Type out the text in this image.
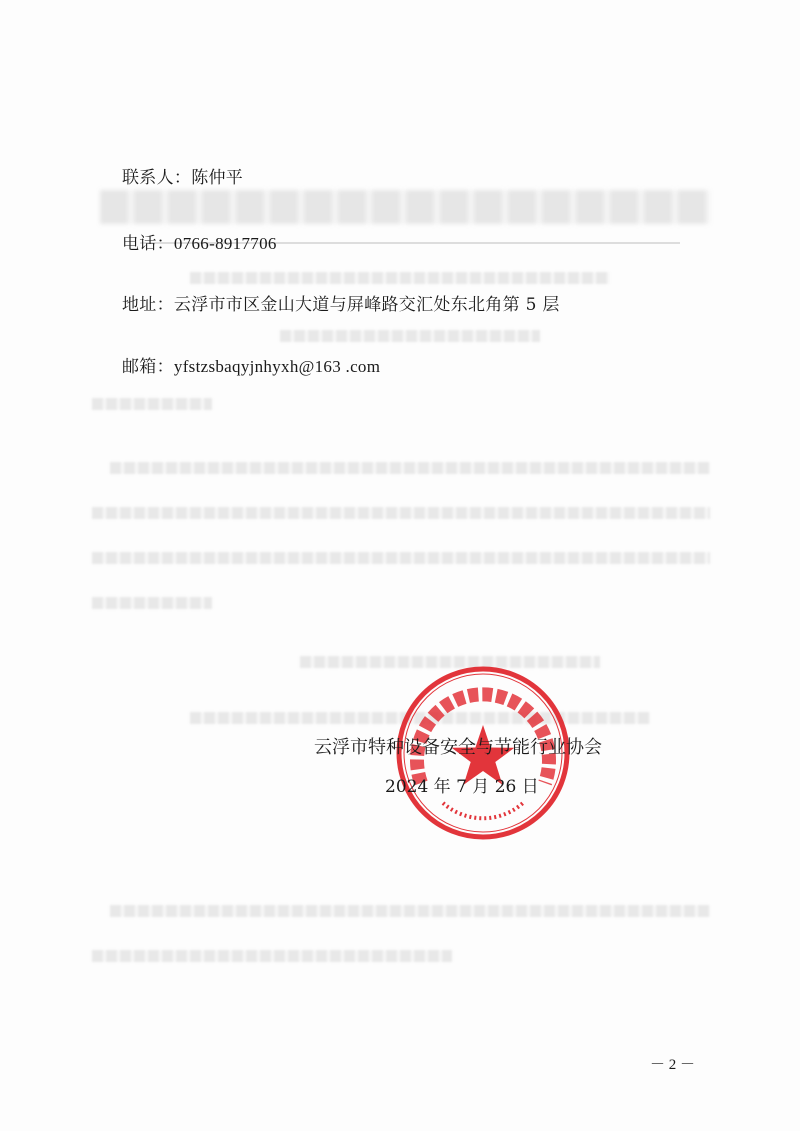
联系人：陈仲平
电话：0766-8917706
地址：云浮市市区金山大道与屏峰路交汇处东北角第 5 层
邮箱：yfstzsbaqyjnhyxh@163 .com
云浮市特种设备安全与节能行业协会
2024 年 7 月 26 日
－ 2 －
